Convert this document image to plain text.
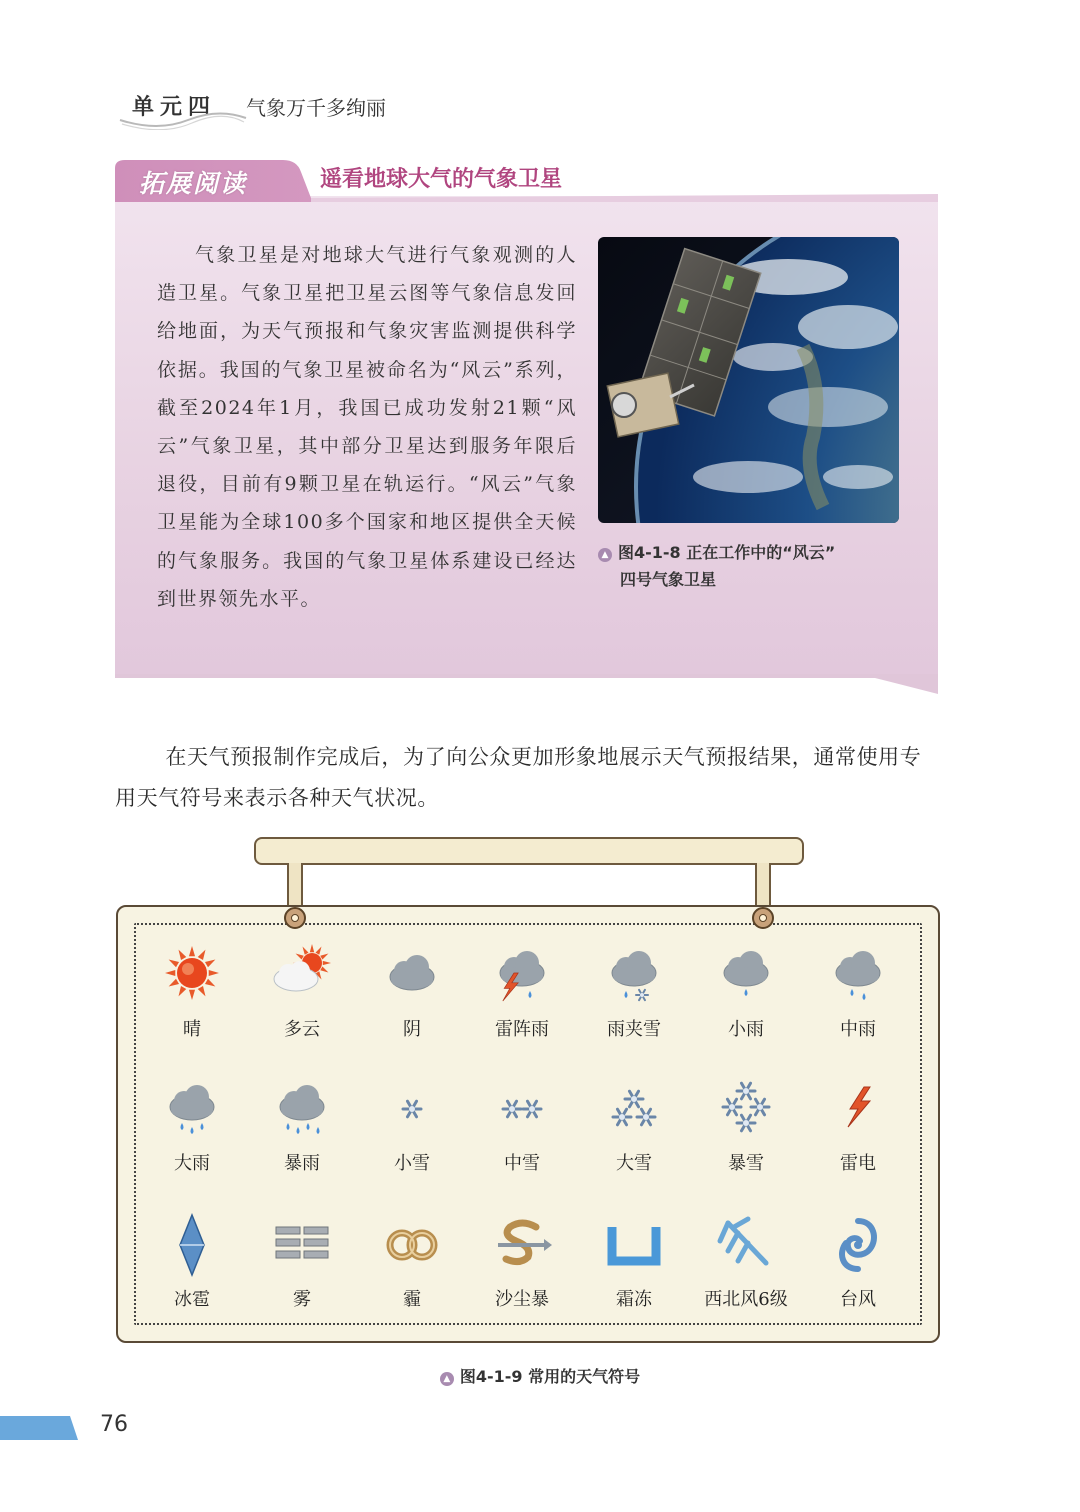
单元四 气象万千多绚丽
拓展阅读	遥看地球大气的气象卫星

气象卫星是对地球大气进行气象观测的人造卫星。气象卫星把卫星云图等气象信息发回给地面，为天气预报和气象灾害监测提供科学依据。我国的气象卫星被命名为“风云”系列，截至2024年1月，我国已成功发射21颗“风云”气象卫星，其中部分卫星达到服务年限后退役，目前有9颗卫星在轨运行。“风云”气象卫星能为全球100多个国家和地区提供全天候的气象服务。我国的气象卫星体系建设已经达到世界领先水平。

▲ 图4-1-8 正在工作中的“风云”
四号气象卫星

在天气预报制作完成后，为了向公众更加形象地展示天气预报结果，通常使用专用天气符号来表示各种天气状况。

晴	多云	阴	雷阵雨	雨夹雪	小雨	中雨
大雨	暴雨	小雪	中雪	大雪	暴雪	雷电
冰雹	雾	霾	沙尘暴	霜冻	西北风6级	台风
▲ 图4-1-9 常用的天气符号
76
